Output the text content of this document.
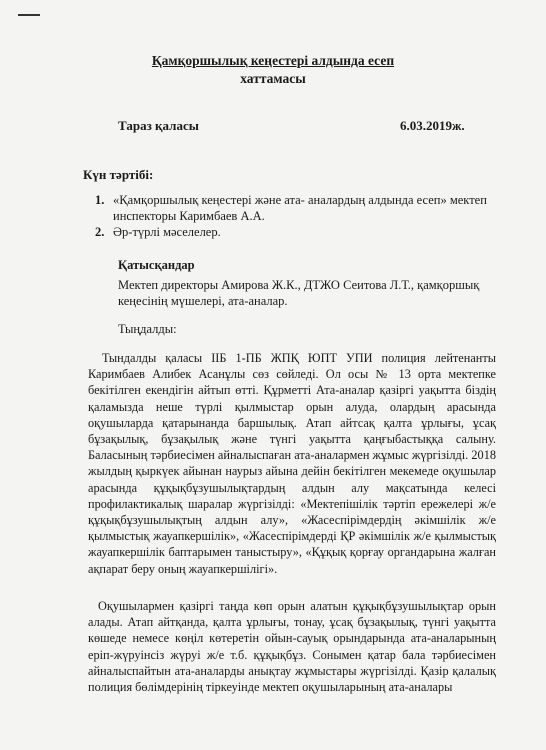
Қамқоршылық кеңестері алдында есеп
хаттамасы
Тараз қаласы	6.03.2019ж.
Күн тәртібі:
1. «Қамқоршылық кеңестері және ата- аналардың алдында есеп» мектеп инспекторы Каримбаев А.А.
2. Әр-түрлі мәселелер.
Қатысқандар
Мектеп директоры Амирова Ж.К., ДТЖО Сеитова Л.Т., қамқоршық кеңесінің мүшелері, ата-аналар.
Тыңдалды:
Тындалды қаласы ІІБ 1-ПБ ЖПҚ ЮПТ УПИ полиция лейтенанты Каримбаев Алибек Асанұлы сөз сөйледі. Ол осы № 13 орта мектепке бекітілген екендігін айтып өтті. Құрметті Ата-аналар қазіргі уақытта біздің қаламызда неше түрлі қылмыстар орын алуда, олардың арасында оқушыларда қатарынанда баршылық. Атап айтсақ қалта ұрлығы, ұсақ бұзақылық, бұзақылық және түнгі уақытта қаңғыбастыққа салыну. Баласының тәрбиесімен айналыспаған ата-аналармен жұмыс жүргізілді. 2018 жылдың қыркүек айынан наурыз айына дейін бекітілген мекемеде оқушылар арасында құқықбұзушылықтардың алдын алу мақсатында келесі профилактикалық шаралар жүргізілді: «Мектепішілік тәртіп ережелері ж/е құқықбұзушылықтың алдын алу», «Жасеспірімдердің әкімшілік ж/е қылмыстық жауапкершілік», «Жасеспірімдерді ҚР әкімшілік ж/е қылмыстық жауапкершілік баптарымен таныстыру», «Құқық қорғау органдарына жалған ақпарат беру оның жауапкершілігі».
Оқушылармен қазіргі таңда көп орын алатын құқықбұзушылықтар орын алады. Атап айтқанда, қалта ұрлығы, тонау, ұсақ бұзақылық, түнгі уақытта көшеде немесе көңіл көтеретін ойын-сауық орындарында ата-аналарының еріп-жүруінсіз жүруі ж/е т.б. құқықбұз. Сонымен қатар бала тәрбиесімен айналыспайтын ата-аналарды анықтау жұмыстары жүргізілді. Қазір қалалық полиция бөлімдерінің тіркеуінде мектеп оқушыларының ата-аналары
